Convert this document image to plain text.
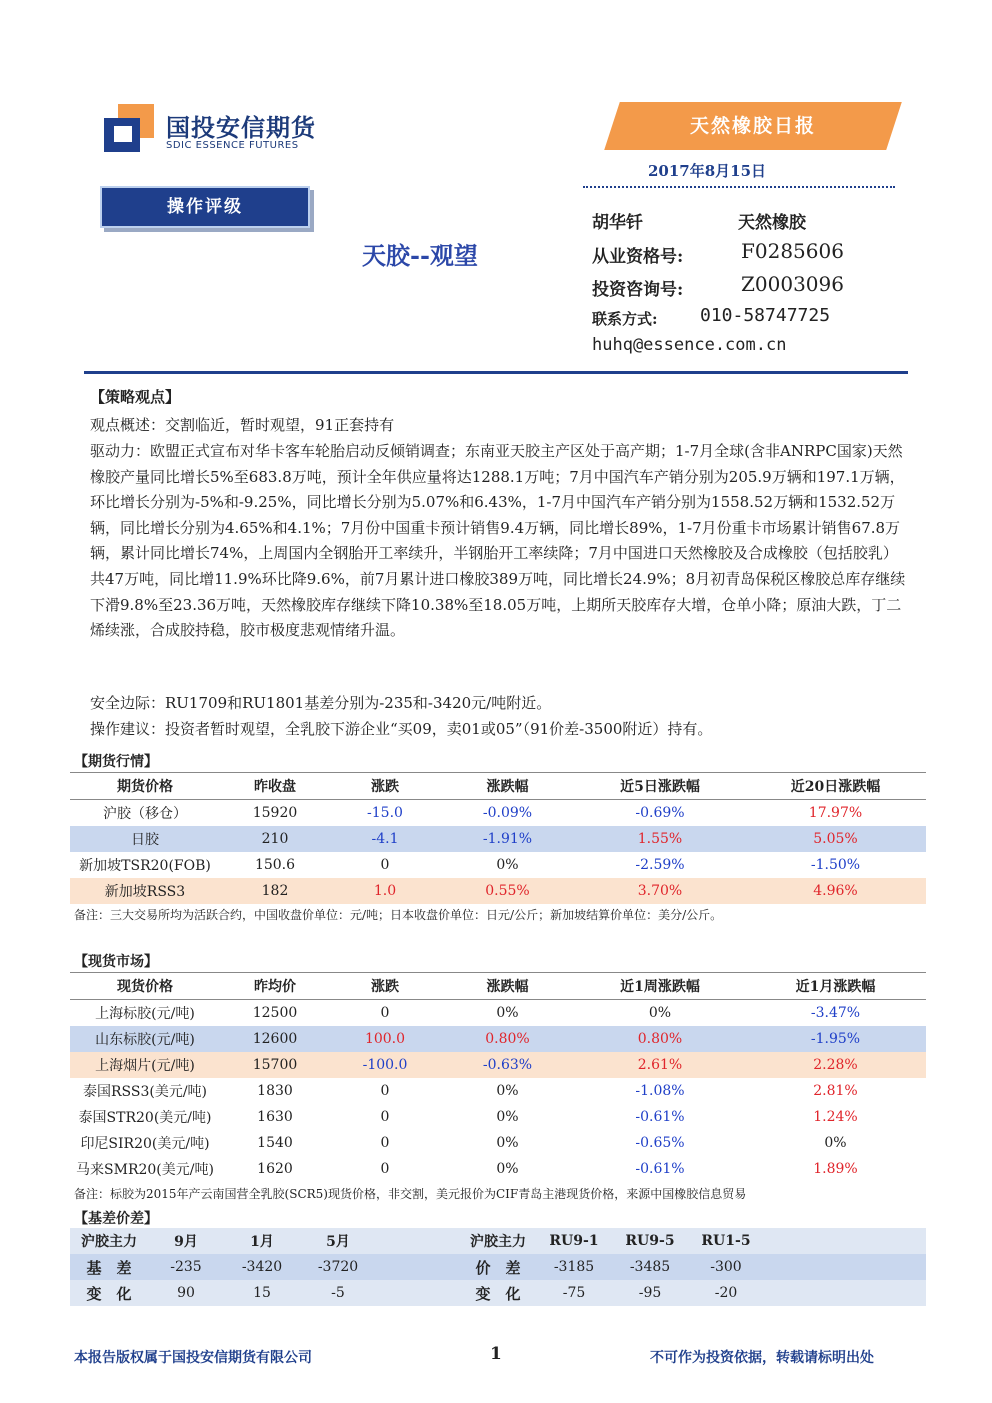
国投安信期货
SDIC ESSENCE FUTURES
天然橡胶日报
2017年8月15日
操作评级
天胶--观望
胡华钎	天然橡胶
从业资格号:	F0285606
投资咨询号:	Z0003096
联系方式: 010-58747725
huhq@essence.com.cn
【策略观点】
观点概述：交割临近，暂时观望，91正套持有
驱动力：欧盟正式宣布对华卡客车轮胎启动反倾销调查；东南亚天胶主产区处于高产期；1-7月全球(含非ANRPC国家)天然橡胶产量同比增长5%至683.8万吨，预计全年供应量将达1288.1万吨；7月中国汽车产销分别为205.9万辆和197.1万辆，环比增长分别为-5%和-9.25%，同比增长分别为5.07%和6.43%，1-7月中国汽车产销分别为1558.52万辆和1532.52万辆，同比增长分别为4.65%和4.1%；7月份中国重卡预计销售9.4万辆，同比增长89%，1-7月份重卡市场累计销售67.8万辆，累计同比增长74%，上周国内全钢胎开工率续升，半钢胎开工率续降；7月中国进口天然橡胶及合成橡胶（包括胶乳）共47万吨，同比增11.9%环比降9.6%，前7月累计进口橡胶389万吨，同比增长24.9%；8月初青岛保税区橡胶总库存继续下滑9.8%至23.36万吨，天然橡胶库存继续下降10.38%至18.05万吨，上期所天胶库存大增，仓单小降；原油大跌，丁二烯续涨，合成胶持稳，胶市极度悲观情绪升温。
安全边际：RU1709和RU1801基差分别为-235和-3420元/吨附近。
操作建议：投资者暂时观望，全乳胶下游企业“买09，卖01或05”（91价差-3500附近）持有。
【期货行情】
期货价格	昨收盘	涨跌	涨跌幅	近5日涨跌幅	近20日涨跌幅
沪胶（移仓）	15920	-15.0	-0.09%	-0.69%	17.97%
日胶	210	-4.1	-1.91%	1.55%	5.05%
新加坡TSR20(FOB)	150.6	0	0%	-2.59%	-1.50%
新加坡RSS3	182	1.0	0.55%	3.70%	4.96%
备注：三大交易所均为活跃合约，中国收盘价单位：元/吨；日本收盘价单位：日元/公斤；新加坡结算价单位：美分/公斤。
【现货市场】
现货价格	昨均价	涨跌	涨跌幅	近1周涨跌幅	近1月涨跌幅
上海标胶(元/吨)	12500	0	0%	0%	-3.47%
山东标胶(元/吨)	12600	100.0	0.80%	0.80%	-1.95%
上海烟片(元/吨)	15700	-100.0	-0.63%	2.61%	2.28%
泰国RSS3(美元/吨)	1830	0	0%	-1.08%	2.81%
泰国STR20(美元/吨)	1630	0	0%	-0.61%	1.24%
印尼SIR20(美元/吨)	1540	0	0%	-0.65%	0%
马来SMR20(美元/吨)	1620	0	0%	-0.61%	1.89%
备注：标胶为2015年产云南国营全乳胶(SCR5)现货价格，非交割，美元报价为CIF青岛主港现货价格，来源中国橡胶信息贸易
【基差价差】
沪胶主力	9月	1月	5月		沪胶主力	RU9-1	RU9-5	RU1-5	
基　差	-235	-3420	-3720		价　差	-3185	-3485	-300	
变　化	90	15	-5		变　化	-75	-95	-20	
本报告版权属于国投安信期货有限公司	1	不可作为投资依据，转载请标明出处
